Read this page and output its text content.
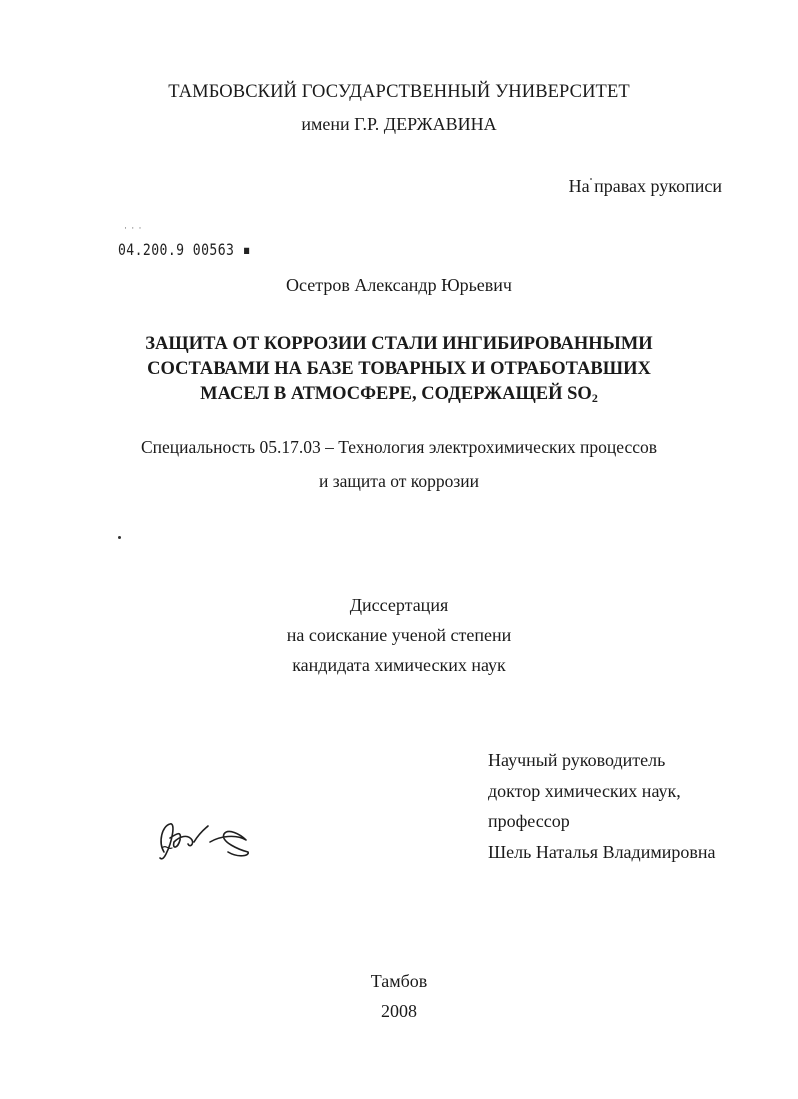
ТАМБОВСКИЙ ГОСУДАРСТВЕННЫЙ УНИВЕРСИТЕТ
имени Г.Р. ДЕРЖАВИНА
На правах рукописи
· · ·
04.200.9 00563 ▪
Осетров Александр Юрьевич
ЗАЩИТА ОТ КОРРОЗИИ СТАЛИ ИНГИБИРОВАННЫМИ
СОСТАВАМИ НА БАЗЕ ТОВАРНЫХ И ОТРАБОТАВШИХ
МАСЕЛ В АТМОСФЕРЕ, СОДЕРЖАЩЕЙ $SO_2$
Специальность 05.17.03 – Технология электрохимических процессов
и защита от коррозии
Диссертация
на соискание ученой степени
кандидата химических наук
Научный руководитель
доктор химических наук,
профессор
Шель Наталья Владимировна
Тамбов
2008
